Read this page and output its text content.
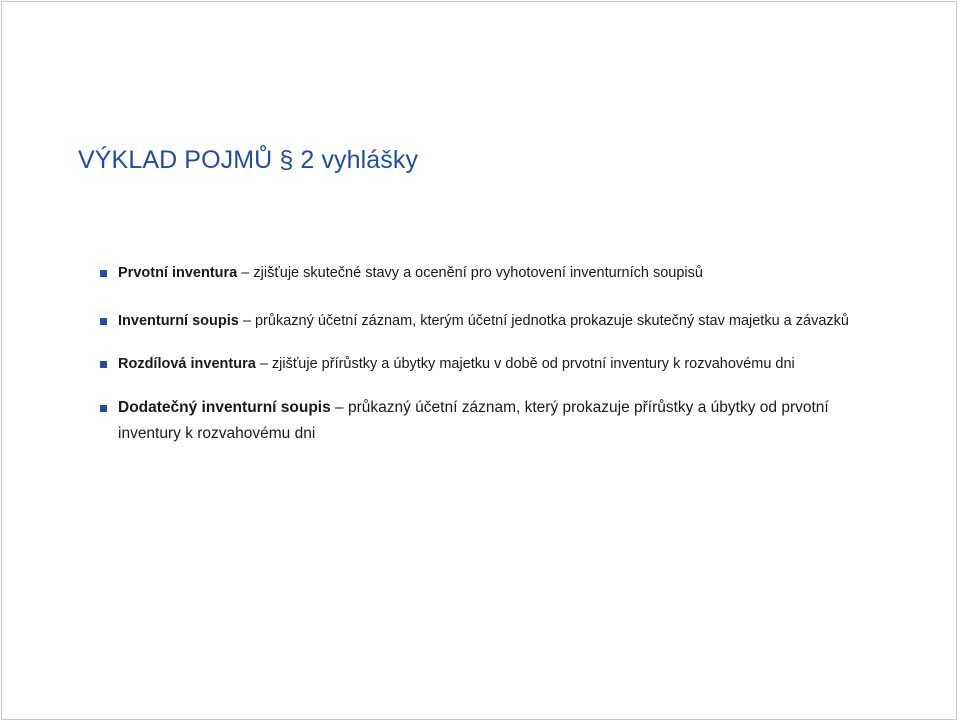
VÝKLAD POJMŮ § 2 vyhlášky
Prvotní inventura – zjišťuje skutečné stavy a ocenění pro vyhotovení inventurních soupisů
Inventurní soupis – průkazný účetní záznam, kterým účetní jednotka prokazuje skutečný stav majetku a závazků
Rozdílová inventura – zjišťuje přírůstky a úbytky majetku v době od prvotní inventury k rozvahovému dni
Dodatečný inventurní soupis – průkazný účetní záznam, který prokazuje přírůstky a úbytky od prvotní inventury k rozvahovému dni
